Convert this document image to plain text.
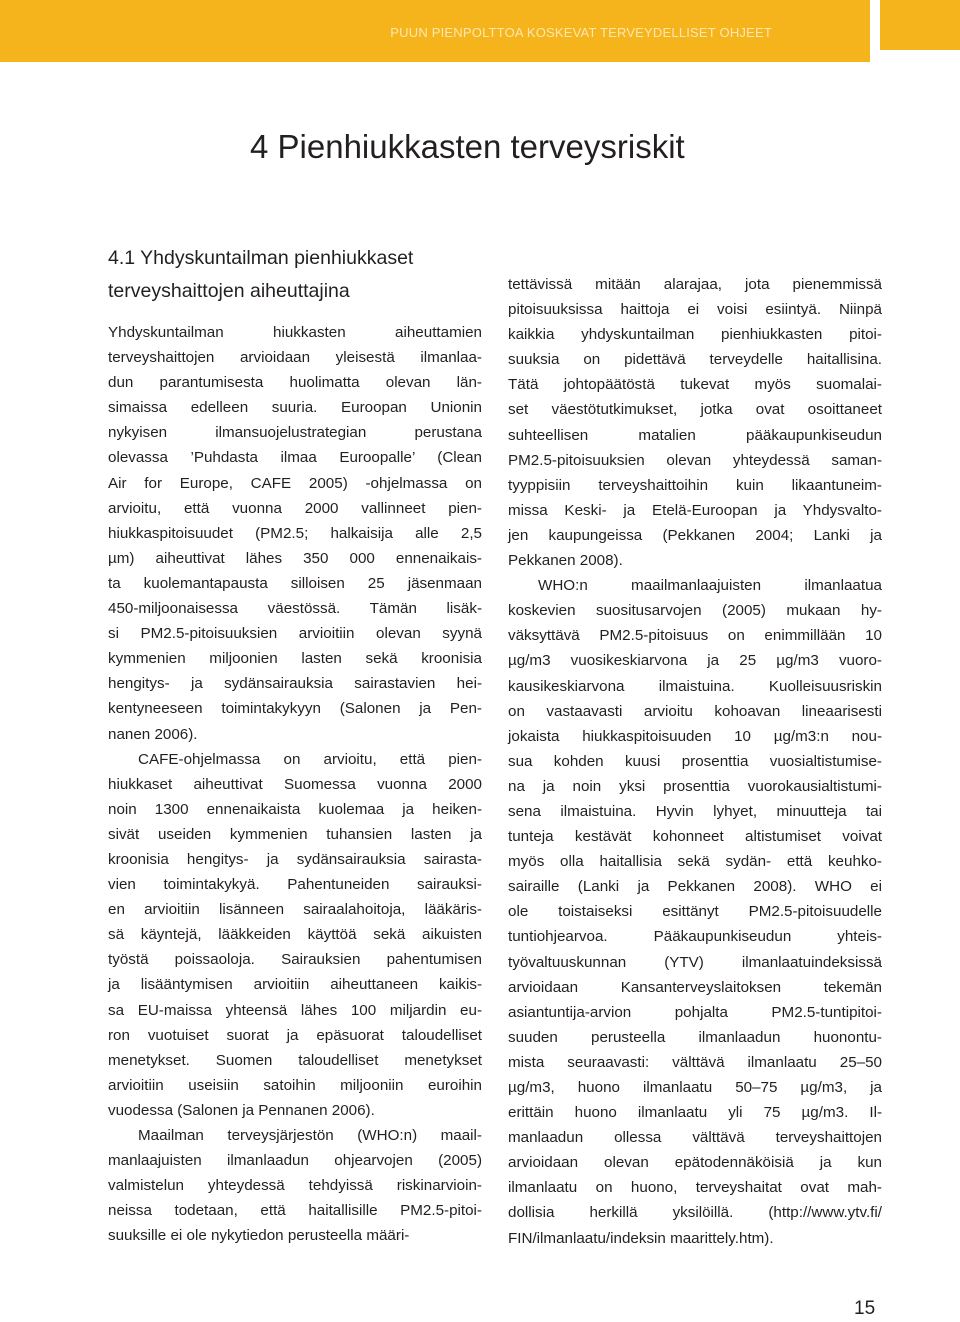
PUUN PIENPOLTTOA KOSKEVAT TERVEYDELLISET OHJEET
4 Pienhiukkasten terveysriskit
4.1 Yhdyskuntailman pienhiukkaset terveyshaittojen aiheuttajina
Yhdyskuntailman hiukkasten aiheuttamien
terveyshaittojen arvioidaan yleisestä ilmanlaa-
dun parantumisesta huolimatta olevan län-
simaissa edelleen suuria. Euroopan Unionin
nykyisen ilmansuojelustrategian perustana
olevassa ’Puhdasta ilmaa Euroopalle’ (Clean
Air for Europe, CAFE 2005) -ohjelmassa on
arvioitu, että vuonna 2000 vallinneet pien-
hiukkaspitoisuudet (PM2.5; halkaisija alle 2,5
µm) aiheuttivat lähes 350 000 ennenaikais-
ta kuolemantapausta silloisen 25 jäsenmaan
450-miljoonaisessa väestössä. Tämän lisäk-
si PM2.5-pitoisuuksien arvioitiin olevan syynä
kymmenien miljoonien lasten sekä kroonisia
hengitys- ja sydänsairauksia sairastavien hei-
kentyneeseen toimintakykyyn (Salonen ja Pen-
nanen 2006).
CAFE-ohjelmassa on arvioitu, että pien-
hiukkaset aiheuttivat Suomessa vuonna 2000
noin 1300 ennenaikaista kuolemaa ja heiken-
sivät useiden kymmenien tuhansien lasten ja
kroonisia hengitys- ja sydänsairauksia sairasta-
vien toimintakykyä. Pahentuneiden sairauksi-
en arvioitiin lisänneen sairaalahoitoja, lääkäris-
sä käyntejä, lääkkeiden käyttöä sekä aikuisten
työstä poissaoloja. Sairauksien pahentumisen
ja lisääntymisen arvioitiin aiheuttaneen kaikis-
sa EU-maissa yhteensä lähes 100 miljardin eu-
ron vuotuiset suorat ja epäsuorat taloudelliset
menetykset. Suomen taloudelliset menetykset
arvioitiin useisiin satoihin miljooniin euroihin
vuodessa (Salonen ja Pennanen 2006).
Maailman terveysjärjestön (WHO:n) maail-
manlaajuisten ilmanlaadun ohjearvojen (2005)
valmistelun yhteydessä tehdyissä riskinarvioin-
neissa todetaan, että haitallisille PM2.5-pitoi-
suuksille ei ole nykytiedon perusteella määri-
tettävissä mitään alarajaa, jota pienemmissä
pitoisuuksissa haittoja ei voisi esiintyä. Niinpä
kaikkia yhdyskuntailman pienhiukkasten pitoi-
suuksia on pidettävä terveydelle haitallisina.
Tätä johtopäätöstä tukevat myös suomalai-
set väestötutkimukset, jotka ovat osoittaneet
suhteellisen matalien pääkaupunkiseudun
PM2.5-pitoisuuksien olevan yhteydessä saman-
tyyppisiin terveyshaittoihin kuin likaantuneim-
missa Keski- ja Etelä-Euroopan ja Yhdysvalto-
jen kaupungeissa (Pekkanen 2004; Lanki ja
Pekkanen 2008).
WHO:n maailmanlaajuisten ilmanlaatua
koskevien suositusarvojen (2005) mukaan hy-
väksyttävä PM2.5-pitoisuus on enimmillään 10
µg/m3 vuosikeskiarvona ja 25 µg/m3 vuoro-
kausikeskiarvona ilmaistuina. Kuolleisuusriskin
on vastaavasti arvioitu kohoavan lineaarisesti
jokaista hiukkaspitoisuuden 10 µg/m3:n nou-
sua kohden kuusi prosenttia vuosialtistumise-
na ja noin yksi prosenttia vuorokausialtistumi-
sena ilmaistuina. Hyvin lyhyet, minuutteja tai
tunteja kestävät kohonneet altistumiset voivat
myös olla haitallisia sekä sydän- että keuhko-
sairaille (Lanki ja Pekkanen 2008). WHO ei
ole toistaiseksi esittänyt PM2.5-pitoisuudelle
tuntiohjearvoa. Pääkaupunkiseudun yhteis-
työvaltuuskunnan (YTV) ilmanlaatuindeksissä
arvioidaan Kansanterveyslaitoksen tekemän
asiantuntija-arvion pohjalta PM2.5-tuntipitoi-
suuden perusteella ilmanlaadun huonontu-
mista seuraavasti: välttävä ilmanlaatu 25–50
µg/m3, huono ilmanlaatu 50–75 µg/m3, ja
erittäin huono ilmanlaatu yli 75 µg/m3. Il-
manlaadun ollessa välttävä terveyshaittojen
arvioidaan olevan epätodennäköisiä ja kun
ilmanlaatu on huono, terveyshaitat ovat mah-
dollisia herkillä yksilöillä. (http://www.ytv.fi/
FIN/ilmanlaatu/indeksin maarittely.htm).
15
